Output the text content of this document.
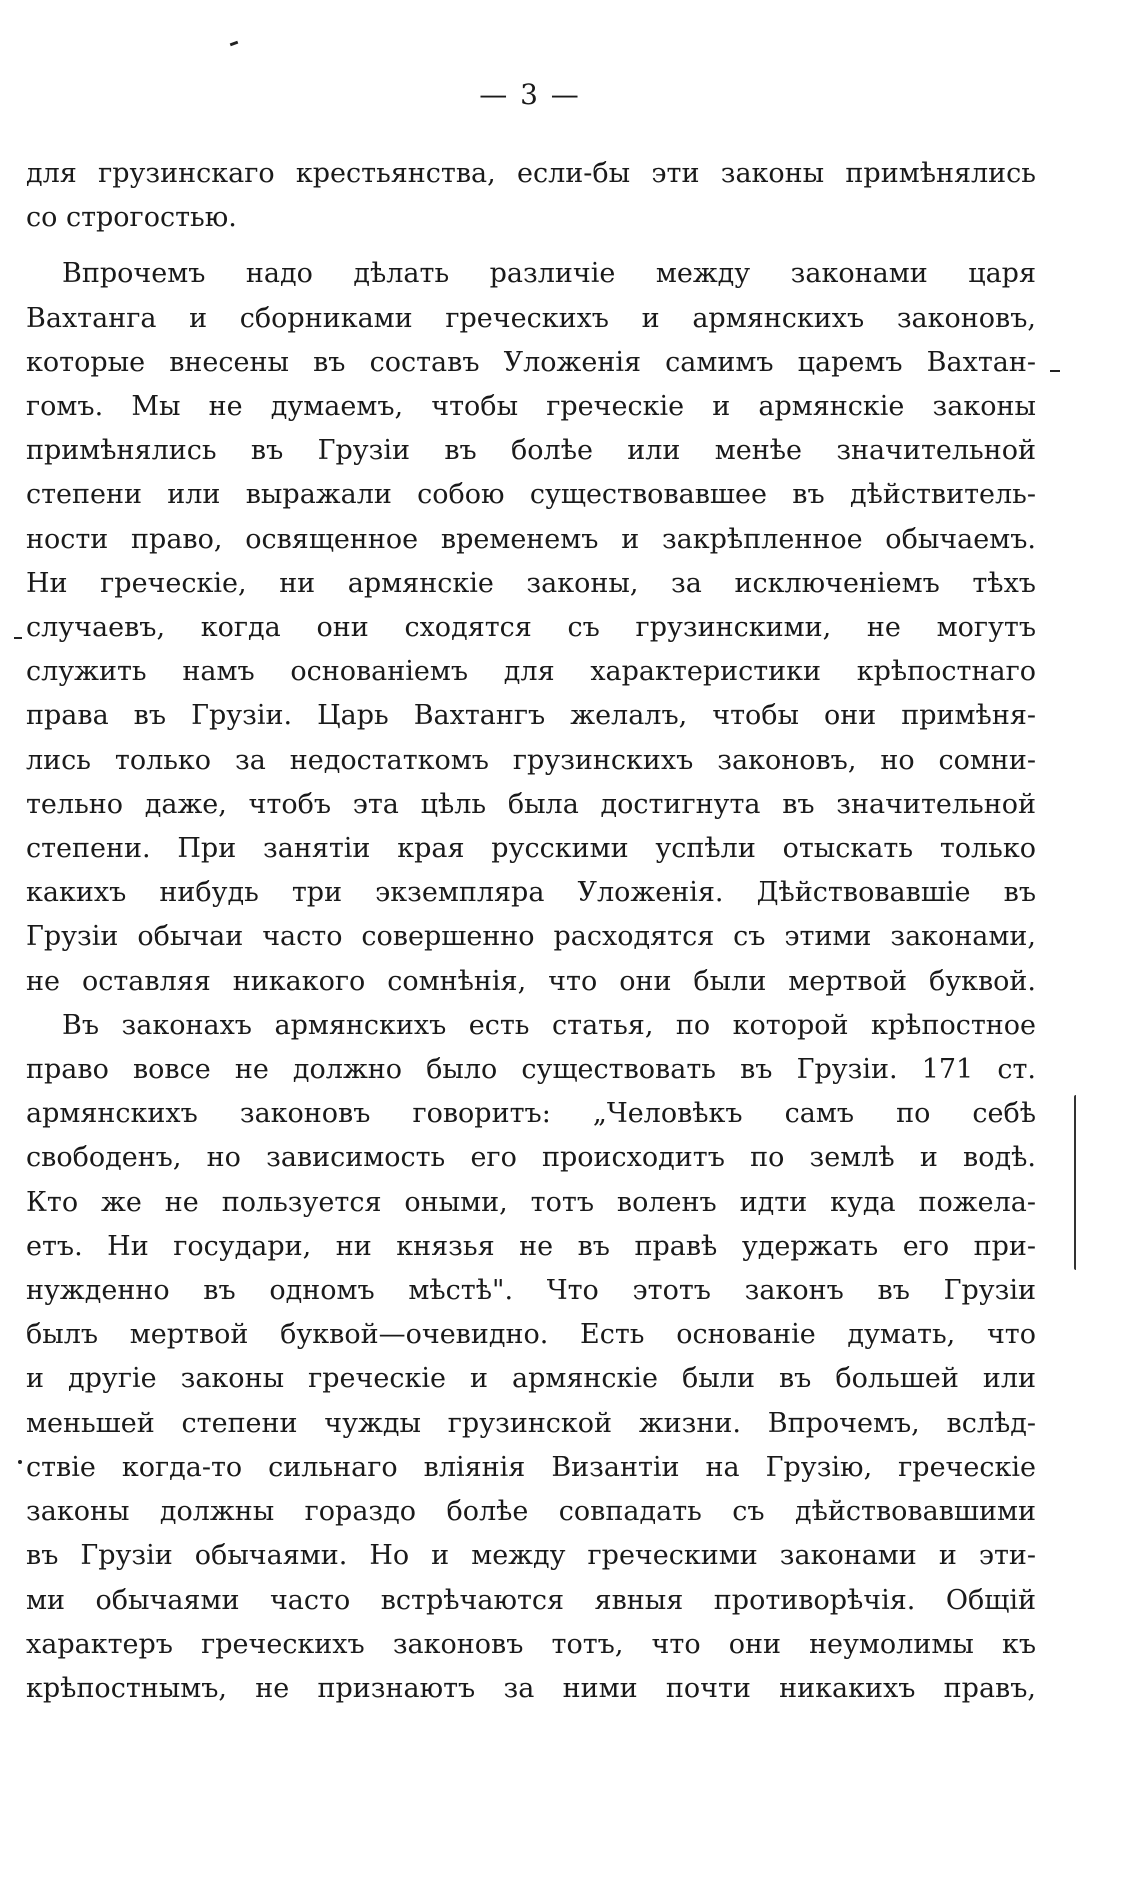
— 3 —
для грузинскаго крестьянства, если-бы эти законы примѣнялись
со строгостью.
Впрочемъ надо дѣлать различіе между законами царя
Вахтанга и сборниками греческихъ и армянскихъ законовъ,
которые внесены въ составъ Уложенія самимъ царемъ Вахтан-
гомъ. Мы не думаемъ, чтобы греческіе и армянскіе законы
примѣнялись въ Грузіи въ болѣе или менѣе значительной
степени или выражали собою существовавшее въ дѣйствитель-
ности право, освященное временемъ и закрѣпленное обычаемъ.
Ни греческіе, ни армянскіе законы, за исключеніемъ тѣхъ
случаевъ, когда они сходятся съ грузинскими, не могутъ
служить намъ основаніемъ для характеристики крѣпостнаго
права въ Грузіи. Царь Вахтангъ желалъ, чтобы они примѣня-
лись только за недостаткомъ грузинскихъ законовъ, но сомни-
тельно даже, чтобъ эта цѣль была достигнута въ значительной
степени. При занятіи края русскими успѣли отыскать только
какихъ нибудь три экземпляра Уложенія. Дѣйствовавшіе въ
Грузіи обычаи часто совершенно расходятся съ этими законами,
не оставляя никакого сомнѣнія, что они были мертвой буквой.
Въ законахъ армянскихъ есть статья, по которой крѣпостное
право вовсе не должно было существовать въ Грузіи. 171 ст.
армянскихъ законовъ говоритъ: „Человѣкъ самъ по себѣ
свободенъ, но зависимость его происходитъ по землѣ и водѣ.
Кто же не пользуется оными, тотъ воленъ идти куда пожела-
етъ. Ни государи, ни князья не въ правѣ удержать его при-
нужденно въ одномъ мѣстѣ". Что этотъ законъ въ Грузіи
былъ мертвой буквой—очевидно. Есть основаніе думать, что
и другіе законы греческіе и армянскіе были въ большей или
меньшей степени чужды грузинской жизни. Впрочемъ, вслѣд-
ствіе когда-то сильнаго вліянія Византіи на Грузію, греческіе
законы должны гораздо болѣе совпадать съ дѣйствовавшими
въ Грузіи обычаями. Но и между греческими законами и эти-
ми обычаями часто встрѣчаются явныя противорѣчія. Общій
характеръ греческихъ законовъ тотъ, что они неумолимы къ
крѣпостнымъ, не признаютъ за ними почти никакихъ правъ,
